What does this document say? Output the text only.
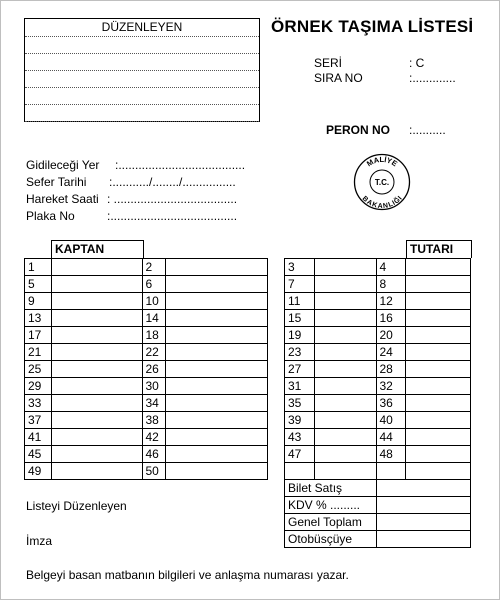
DÜZENLEYEN	ÖRNEK TAŞIMA LİSTESİ
SERİ	: C
SIRA NO	:.............
PERON NO :..........
Gidileceği Yer :......................................
Sefer Tarihi :.........../......../................
Hareket Saati : .....................................
Plaka No	:......................................
MALİYE
BAKANLIĞI
T.C.
KAPTAN
1		2	
5		6	
9		10	
13		14	
17		18	
21		22	
25		26	
29		30	
33		34	
37		38	
41		42	
45		46	
49		50	
TUTARI
3		4	
7		8	
11		12	
15		16	
19		20	
23		24	
27		28	
31		32	
35		36	
39		40	
43		44	
47		48	

Bilet Satış	
KDV % .........	
Genel Toplam	
Otobüsçüye	
Listeyi Düzenleyen
İmza
Belgeyi basan matbanın bilgileri ve anlaşma numarası yazar.
